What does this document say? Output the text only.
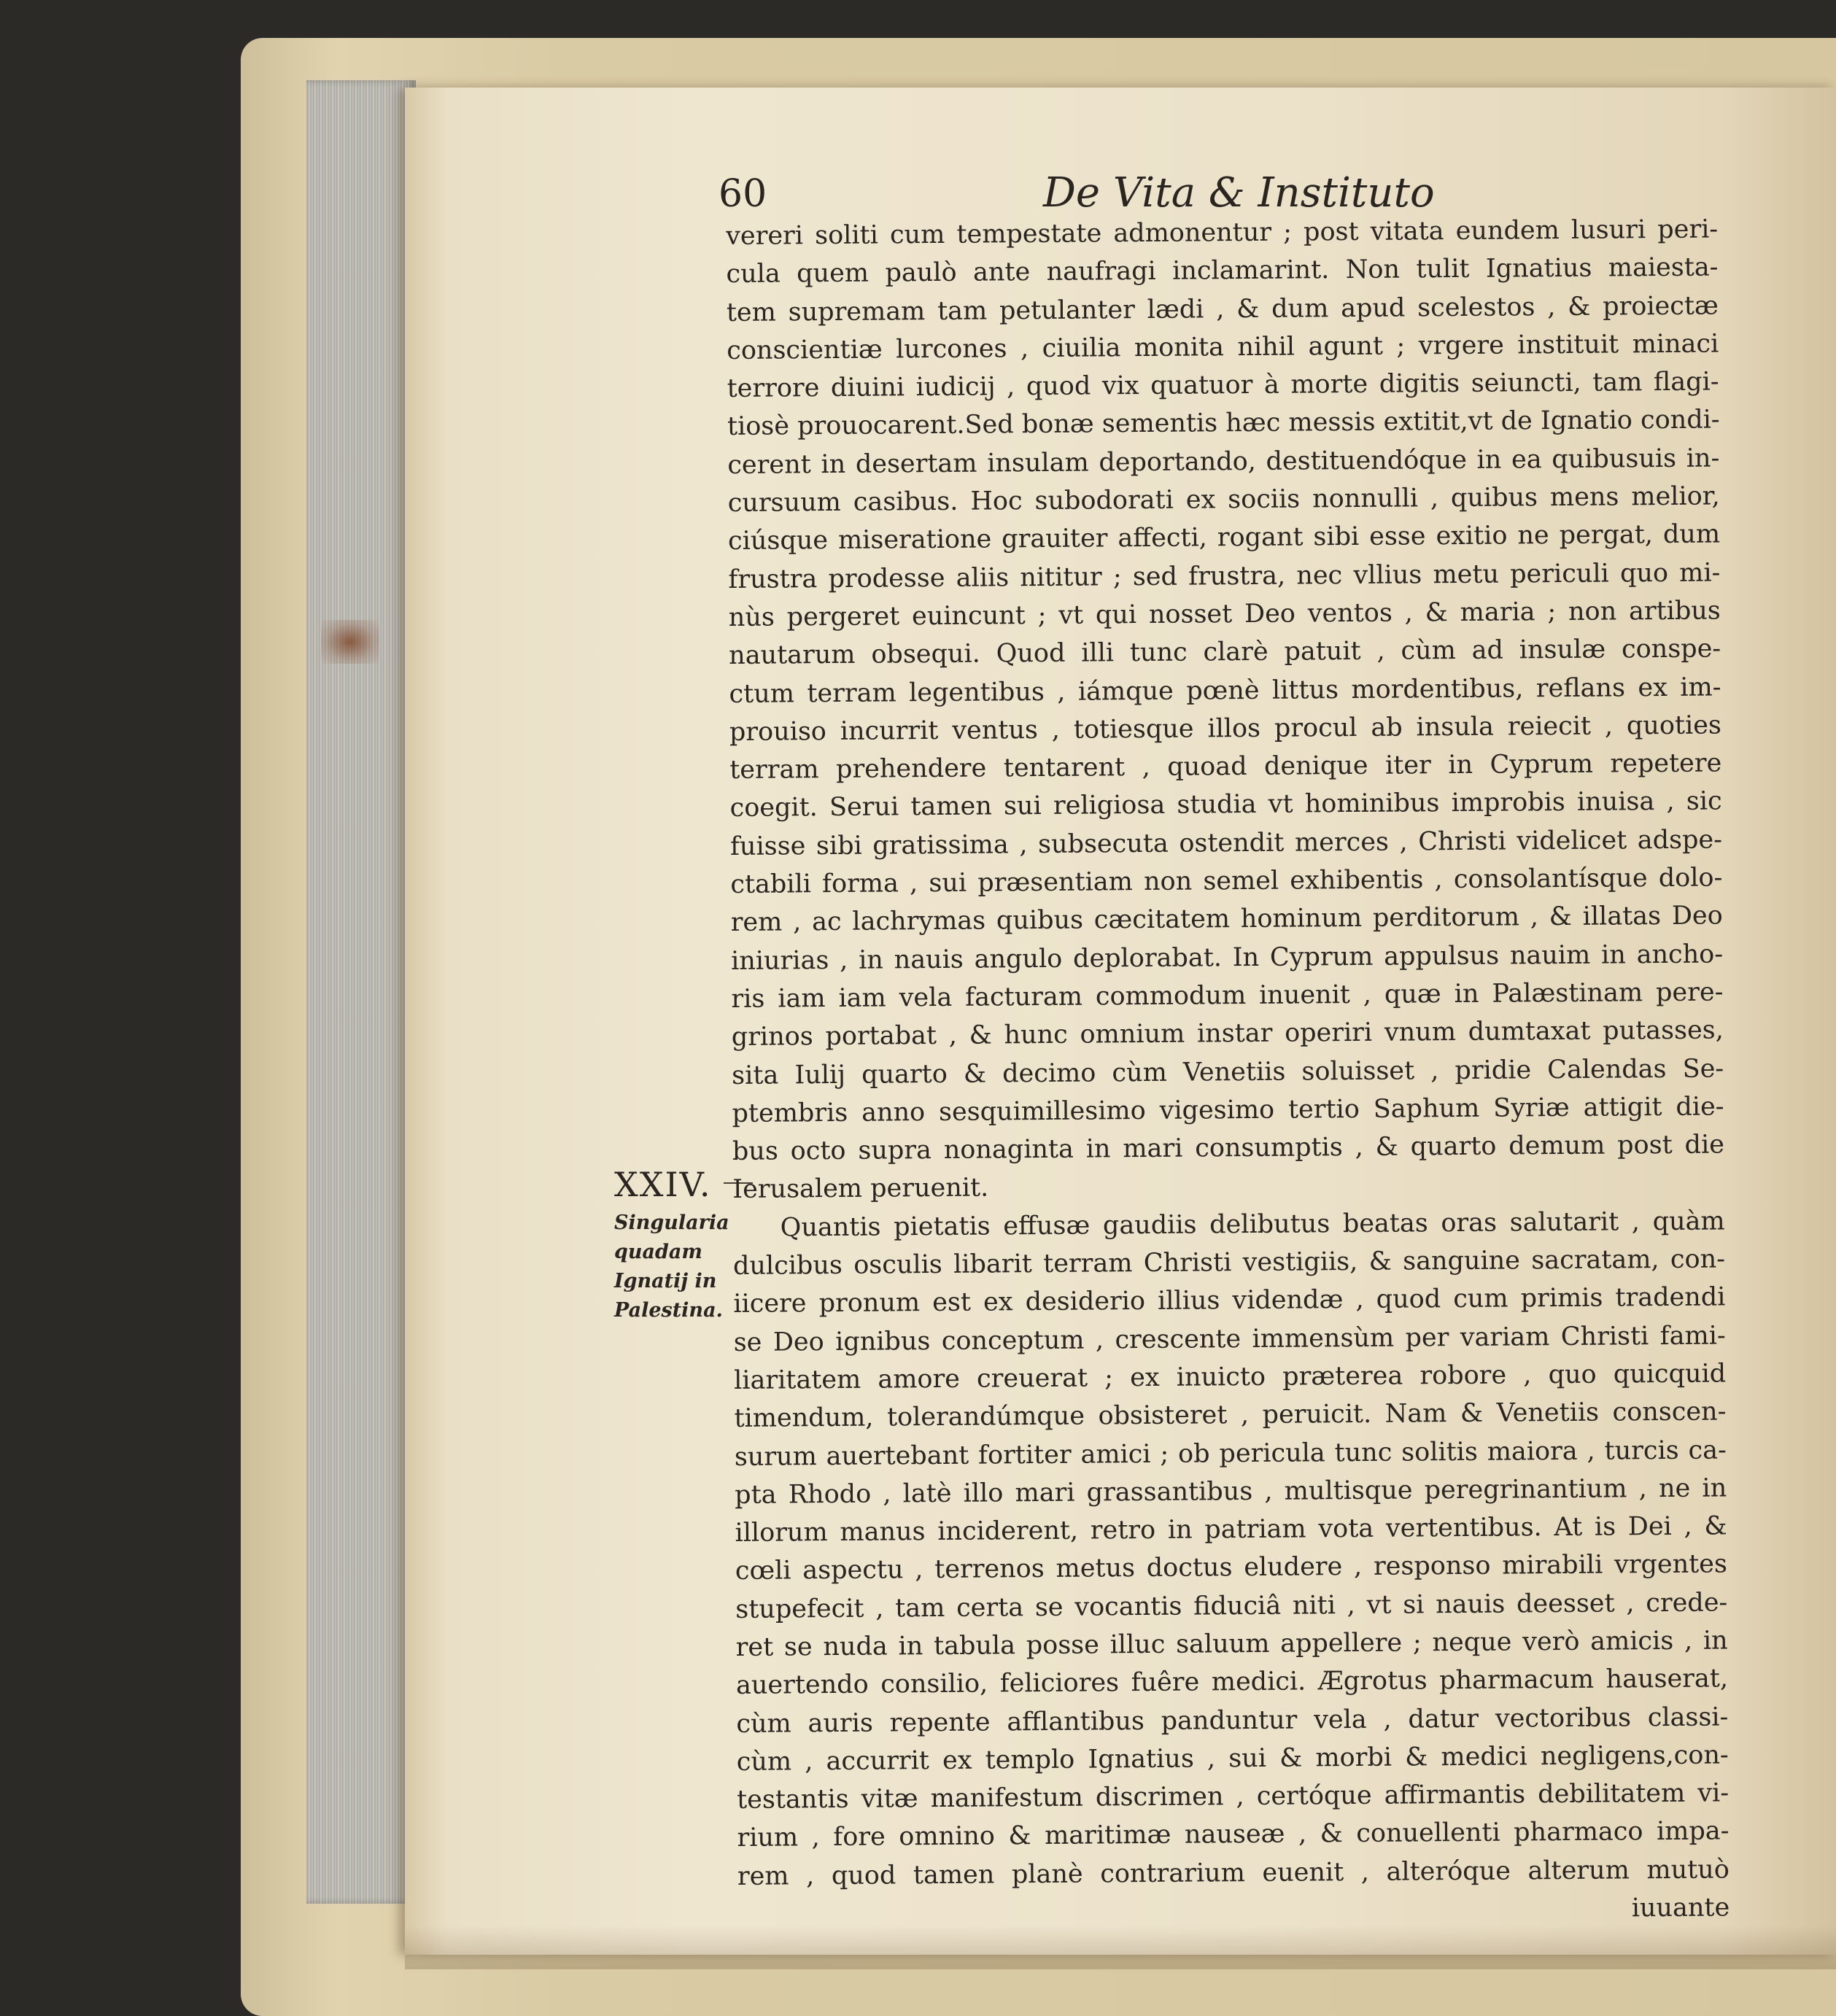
60	De Vita & Instituto

XXIV.

Singularia
quadam
Ignatij in
Palestina.
vereri soliti cum tempestate admonentur ; post vitata eundem lusuri peri-
cula quem paulò ante naufragi inclamarint. Non tulit Ignatius maiesta-
tem supremam tam petulanter lædi , & dum apud scelestos , & proiectæ
conscientiæ lurcones , ciuilia monita nihil agunt ; vrgere instituit minaci
terrore diuini iudicij , quod vix quatuor à morte digitis seiuncti, tam flagi-
tiosè prouocarent.Sed bonæ sementis hæc messis extitit,vt de Ignatio condi-
cerent in desertam insulam deportando, destituendóque in ea quibusuis in-
cursuum casibus. Hoc subodorati ex sociis nonnulli , quibus mens melior,
ciúsque miseratione grauiter affecti, rogant sibi esse exitio ne pergat, dum
frustra prodesse aliis nititur ; sed frustra, nec vllius metu periculi quo mi-
nùs pergeret euincunt ; vt qui nosset Deo ventos , & maria ; non artibus
nautarum obsequi. Quod illi tunc clarè patuit , cùm ad insulæ conspe-
ctum terram legentibus , iámque pœnè littus mordentibus, reflans ex im-
prouiso incurrit ventus , totiesque illos procul ab insula reiecit , quoties
terram prehendere tentarent , quoad denique iter in Cyprum repetere
coegit. Serui tamen sui religiosa studia vt hominibus improbis inuisa , sic
fuisse sibi gratissima , subsecuta ostendit merces , Christi videlicet adspe-
ctabili forma , sui præsentiam non semel exhibentis , consolantísque dolo-
rem , ac lachrymas quibus cæcitatem hominum perditorum , & illatas Deo
iniurias , in nauis angulo deplorabat. In Cyprum appulsus nauim in ancho-
ris iam iam vela facturam commodum inuenit , quæ in Palæstinam pere-
grinos portabat , & hunc omnium instar operiri vnum dumtaxat putasses,
sita Iulij quarto & decimo cùm Venetiis soluisset , pridie Calendas Se-
ptembris anno sesquimillesimo vigesimo tertio Saphum Syriæ attigit die-
bus octo supra nonaginta in mari consumptis , & quarto demum post die
Ierusalem peruenit.
Quantis pietatis effusæ gaudiis delibutus beatas oras salutarit , quàm
dulcibus osculis libarit terram Christi vestigiis, & sanguine sacratam, con-
iicere pronum est ex desiderio illius videndæ , quod cum primis tradendi
se Deo ignibus conceptum , crescente immensùm per variam Christi fami-
liaritatem amore creuerat ; ex inuicto præterea robore , quo quicquid
timendum, tolerandúmque obsisteret , peruicit. Nam & Venetiis conscen-
surum auertebant fortiter amici ; ob pericula tunc solitis maiora , turcis ca-
pta Rhodo , latè illo mari grassantibus , multisque peregrinantium , ne in
illorum manus inciderent, retro in patriam vota vertentibus. At is Dei , &
cœli aspectu , terrenos metus doctus eludere , responso mirabili vrgentes
stupefecit , tam certa se vocantis fiduciâ niti , vt si nauis deesset , crede-
ret se nuda in tabula posse illuc saluum appellere ; neque verò amicis , in
auertendo consilio, feliciores fuêre medici. Ægrotus pharmacum hauserat,
cùm auris repente afflantibus panduntur vela , datur vectoribus classi-
cùm , accurrit ex templo Ignatius , sui & morbi & medici negligens,con-
testantis vitæ manifestum discrimen , certóque affirmantis debilitatem vi-
rium , fore omnino & maritimæ nauseæ , & conuellenti pharmaco impa-
rem , quod tamen planè contrarium euenit , alteróque alterum mutuò
iuuante
